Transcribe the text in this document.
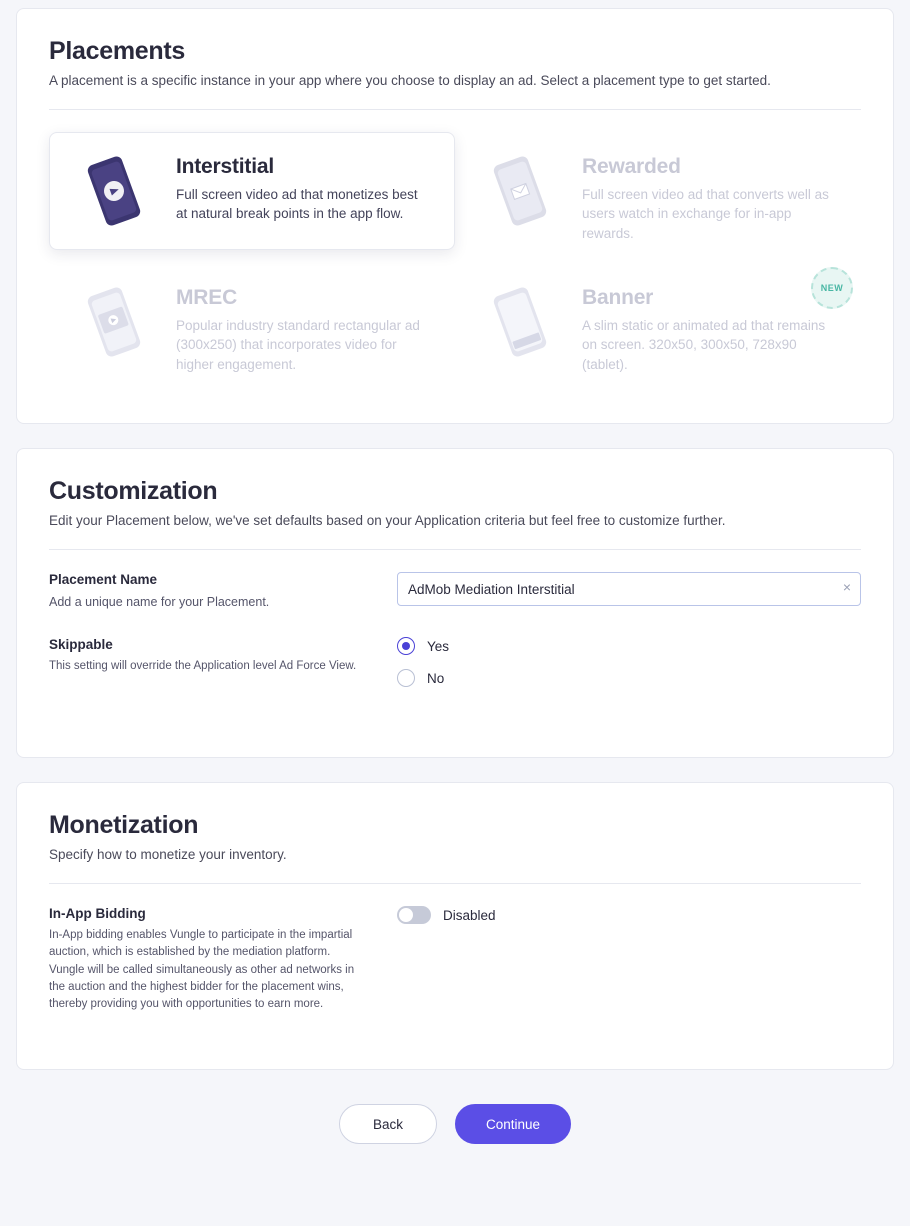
Placements

A placement is a specific instance in your app where you choose to display an ad. Select a placement type to get started.

Interstitial
Full screen video ad that monetizes best at natural break points in the app flow.
Rewarded
Full screen video ad that converts well as users watch in exchange for in-app rewards.
MREC
Popular industry standard rectangular ad (300x250) that incorporates video for higher engagement.
Banner
A slim static or animated ad that remains on screen. 320x50, 300x50, 728x90 (tablet).
NEW
Customization

Edit your Placement below, we've set defaults based on your Application criteria but feel free to customize further.

Placement Name
Add a unique name for your Placement.
AdMob Mediation Interstitial
×
Skippable
This setting will override the Application level Ad Force View.
Yes
No
Monetization

Specify how to monetize your inventory.

In-App Bidding
In-App bidding enables Vungle to participate in the impartial auction, which is established by the mediation platform. Vungle will be called simultaneously as other ad networks in the auction and the highest bidder for the placement wins, thereby providing you with opportunities to earn more.
Disabled
Back	Continue
